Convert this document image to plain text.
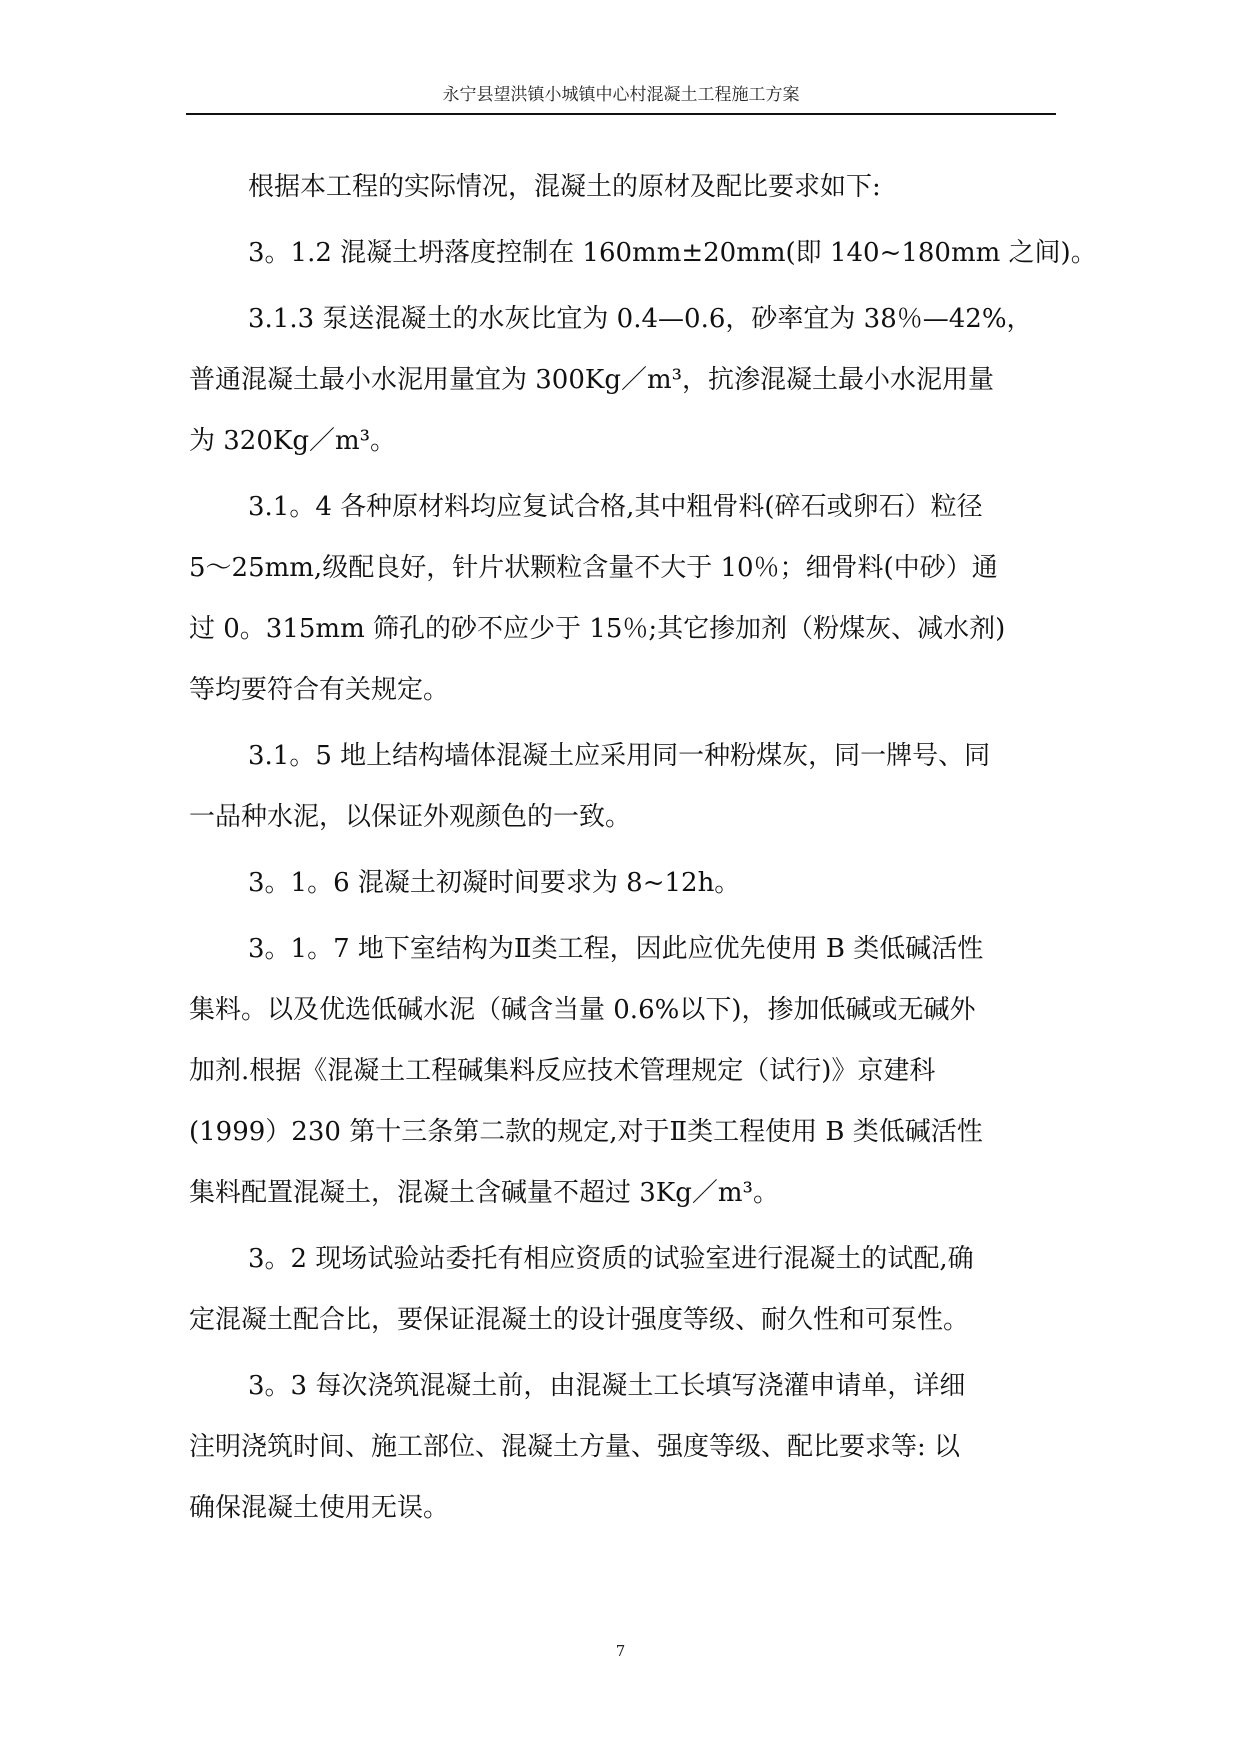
永宁县望洪镇小城镇中心村混凝土工程施工方案

根据本工程的实际情况，混凝土的原材及配比要求如下:

3。1.2 混凝土坍落度控制在 160mm±20mm(即 140~180mm 之间)。

3.1.3 泵送混凝土的水灰比宜为 0.4—0.6，砂率宜为 38％—42%，

普通混凝土最小水泥用量宜为 300Kg／m³，抗渗混凝土最小水泥用量

为 320Kg／m³。

3.1。4 各种原材料均应复试合格,其中粗骨料(碎石或卵石）粒径

5～25mm,级配良好，针片状颗粒含量不大于 10％；细骨料(中砂）通

过 0。315mm 筛孔的砂不应少于 15％;其它掺加剂（粉煤灰、减水剂)

等均要符合有关规定。

3.1。5 地上结构墙体混凝土应采用同一种粉煤灰，同一牌号、同

一品种水泥，以保证外观颜色的一致。

3。1。6 混凝土初凝时间要求为 8~12h。

3。1。7 地下室结构为Ⅱ类工程，因此应优先使用 B 类低碱活性

集料。以及优选低碱水泥（碱含当量 0.6%以下)，掺加低碱或无碱外

加剂.根据《混凝土工程碱集料反应技术管理规定（试行)》京建科

(1999）230 第十三条第二款的规定,对于Ⅱ类工程使用 B 类低碱活性

集料配置混凝土，混凝土含碱量不超过 3Kg／m³。

3。2 现场试验站委托有相应资质的试验室进行混凝土的试配,确

定混凝土配合比，要保证混凝土的设计强度等级、耐久性和可泵性。

3。3 每次浇筑混凝土前，由混凝土工长填写浇灌申请单，详细

注明浇筑时间、施工部位、混凝土方量、强度等级、配比要求等: 以

确保混凝土使用无误。

7
